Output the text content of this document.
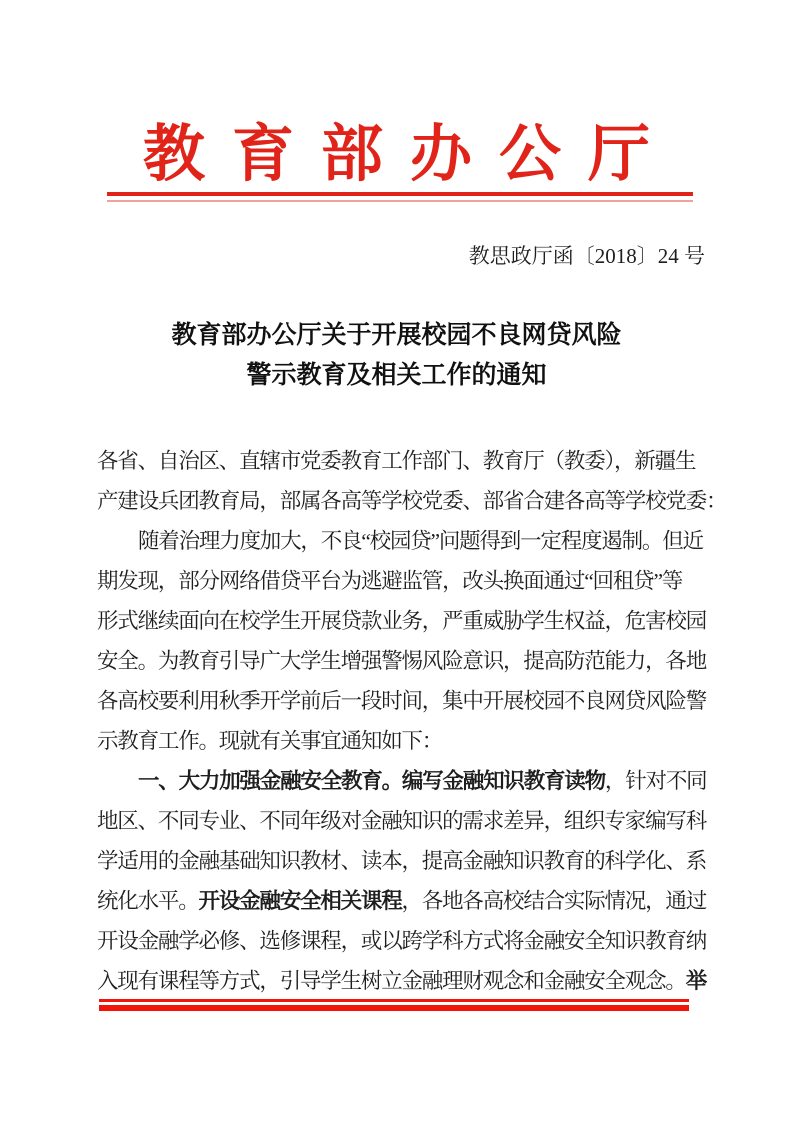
教育部办公厅
教思政厅函〔2018〕24 号
教育部办公厅关于开展校园不良网贷风险
警示教育及相关工作的通知
各省、自治区、直辖市党委教育工作部门、教育厅（教委），新疆生
产建设兵团教育局，部属各高等学校党委、部省合建各高等学校党委：
随着治理力度加大，不良“校园贷”问题得到一定程度遏制。但近
期发现，部分网络借贷平台为逃避监管，改头换面通过“回租贷”等
形式继续面向在校学生开展贷款业务，严重威胁学生权益，危害校园
安全。为教育引导广大学生增强警惕风险意识，提高防范能力，各地
各高校要利用秋季开学前后一段时间，集中开展校园不良网贷风险警
示教育工作。现就有关事宜通知如下：
一、大力加强金融安全教育。编写金融知识教育读物，针对不同
地区、不同专业、不同年级对金融知识的需求差异，组织专家编写科
学适用的金融基础知识教材、读本，提高金融知识教育的科学化、系
统化水平。开设金融安全相关课程，各地各高校结合实际情况，通过
开设金融学必修、选修课程，或以跨学科方式将金融安全知识教育纳
入现有课程等方式，引导学生树立金融理财观念和金融安全观念。举
